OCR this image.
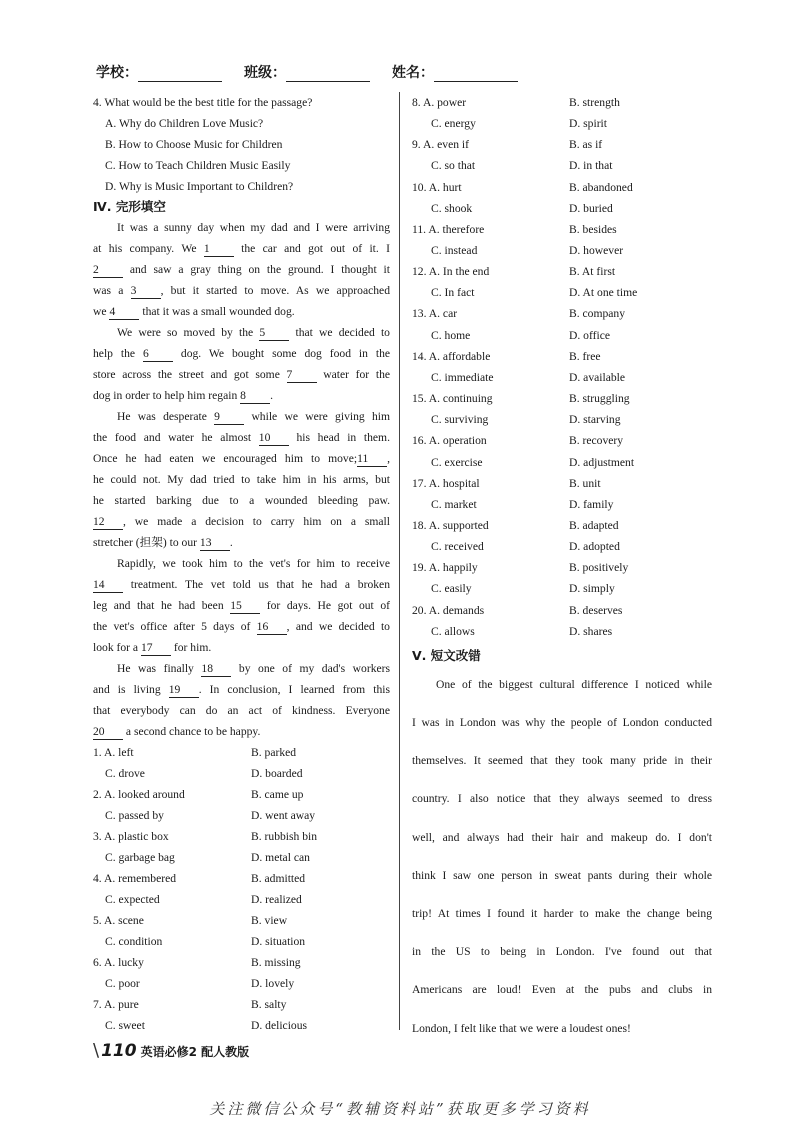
学校：	班级：	姓名：
4. What would be the best title for the passage?
A. Why do Children Love Music?
B. How to Choose Music for Children
C. How to Teach Children Music Easily
D. Why is Music Important to Children?
Ⅳ. 完形填空
It was a sunny day when my dad and I were arriving
at his company. We 1	the car and got out of it. I
2	and saw a gray thing on the ground. I thought it
was a 3 , but it started to move. As we approached
we 4 that it was a small wounded dog.
We were so moved by the 5	that we decided to
help the 6	dog. We bought some dog food in the
store across the street and got some 7	water for the
dog in order to help him regain 8 .
He was desperate 9	while we were giving him
the food and water he almost 10 his head in them.
Once he had eaten we encouraged him to move;11 ,
he could not. My dad tried to take him in his arms, but
he started barking due to a wounded bleeding paw.
12 , we made a decision to carry him on a small
stretcher (担架) to our 13 .
Rapidly, we took him to the vet's for him to receive
14 treatment. The vet told us that he had a broken
leg and that he had been 15 for days. He got out of
the vet's office after 5 days of 16 , and we decided to
look for a 17 for him.
He was finally 18 by one of my dad's workers
and is living 19 . In conclusion, I learned from this
that everybody can do an act of kindness. Everyone
20 a second chance to be happy.
1. A. left	B. parked
C. drove	D. boarded
2. A. looked around	B. came up
C. passed by	D. went away
3. A. plastic box	B. rubbish bin
C. garbage bag	D. metal can
4. A. remembered	B. admitted
C. expected	D. realized
5. A. scene	B. view
C. condition	D. situation
6. A. lucky	B. missing
C. poor	D. lovely
7. A. pure	B. salty
C. sweet	D. delicious
8. A. power	B. strength
C. energy	D. spirit
9. A. even if	B. as if
C. so that	D. in that
10. A. hurt	B. abandoned
C. shook	D. buried
11. A. therefore	B. besides
C. instead	D. however
12. A. In the end	B. At first
C. In fact	D. At one time
13. A. car	B. company
C. home	D. office
14. A. affordable	B. free
C. immediate	D. available
15. A. continuing	B. struggling
C. surviving	D. starving
16. A. operation	B. recovery
C. exercise	D. adjustment
17. A. hospital	B. unit
C. market	D. family
18. A. supported	B. adapted
C. received	D. adopted
19. A. happily	B. positively
C. easily	D. simply
20. A. demands	B. deserves
C. allows	D. shares
Ⅴ. 短文改错
One of the biggest cultural difference I noticed while
I was in London was why the people of London conducted
themselves. It seemed that they took many pride in their
country. I also notice that they always seemed to dress
well, and always had their hair and makeup do. I don't
think I saw one person in sweat pants during their whole
trip! At times I found it harder to make the change being
in the US to being in London. I've found out that
Americans are loud! Even at the pubs and clubs in
London, I felt like that we were a loudest ones!
\ 110 英语必修2 配人教版
关注微信公众号“教辅资料站”获取更多学习资料
